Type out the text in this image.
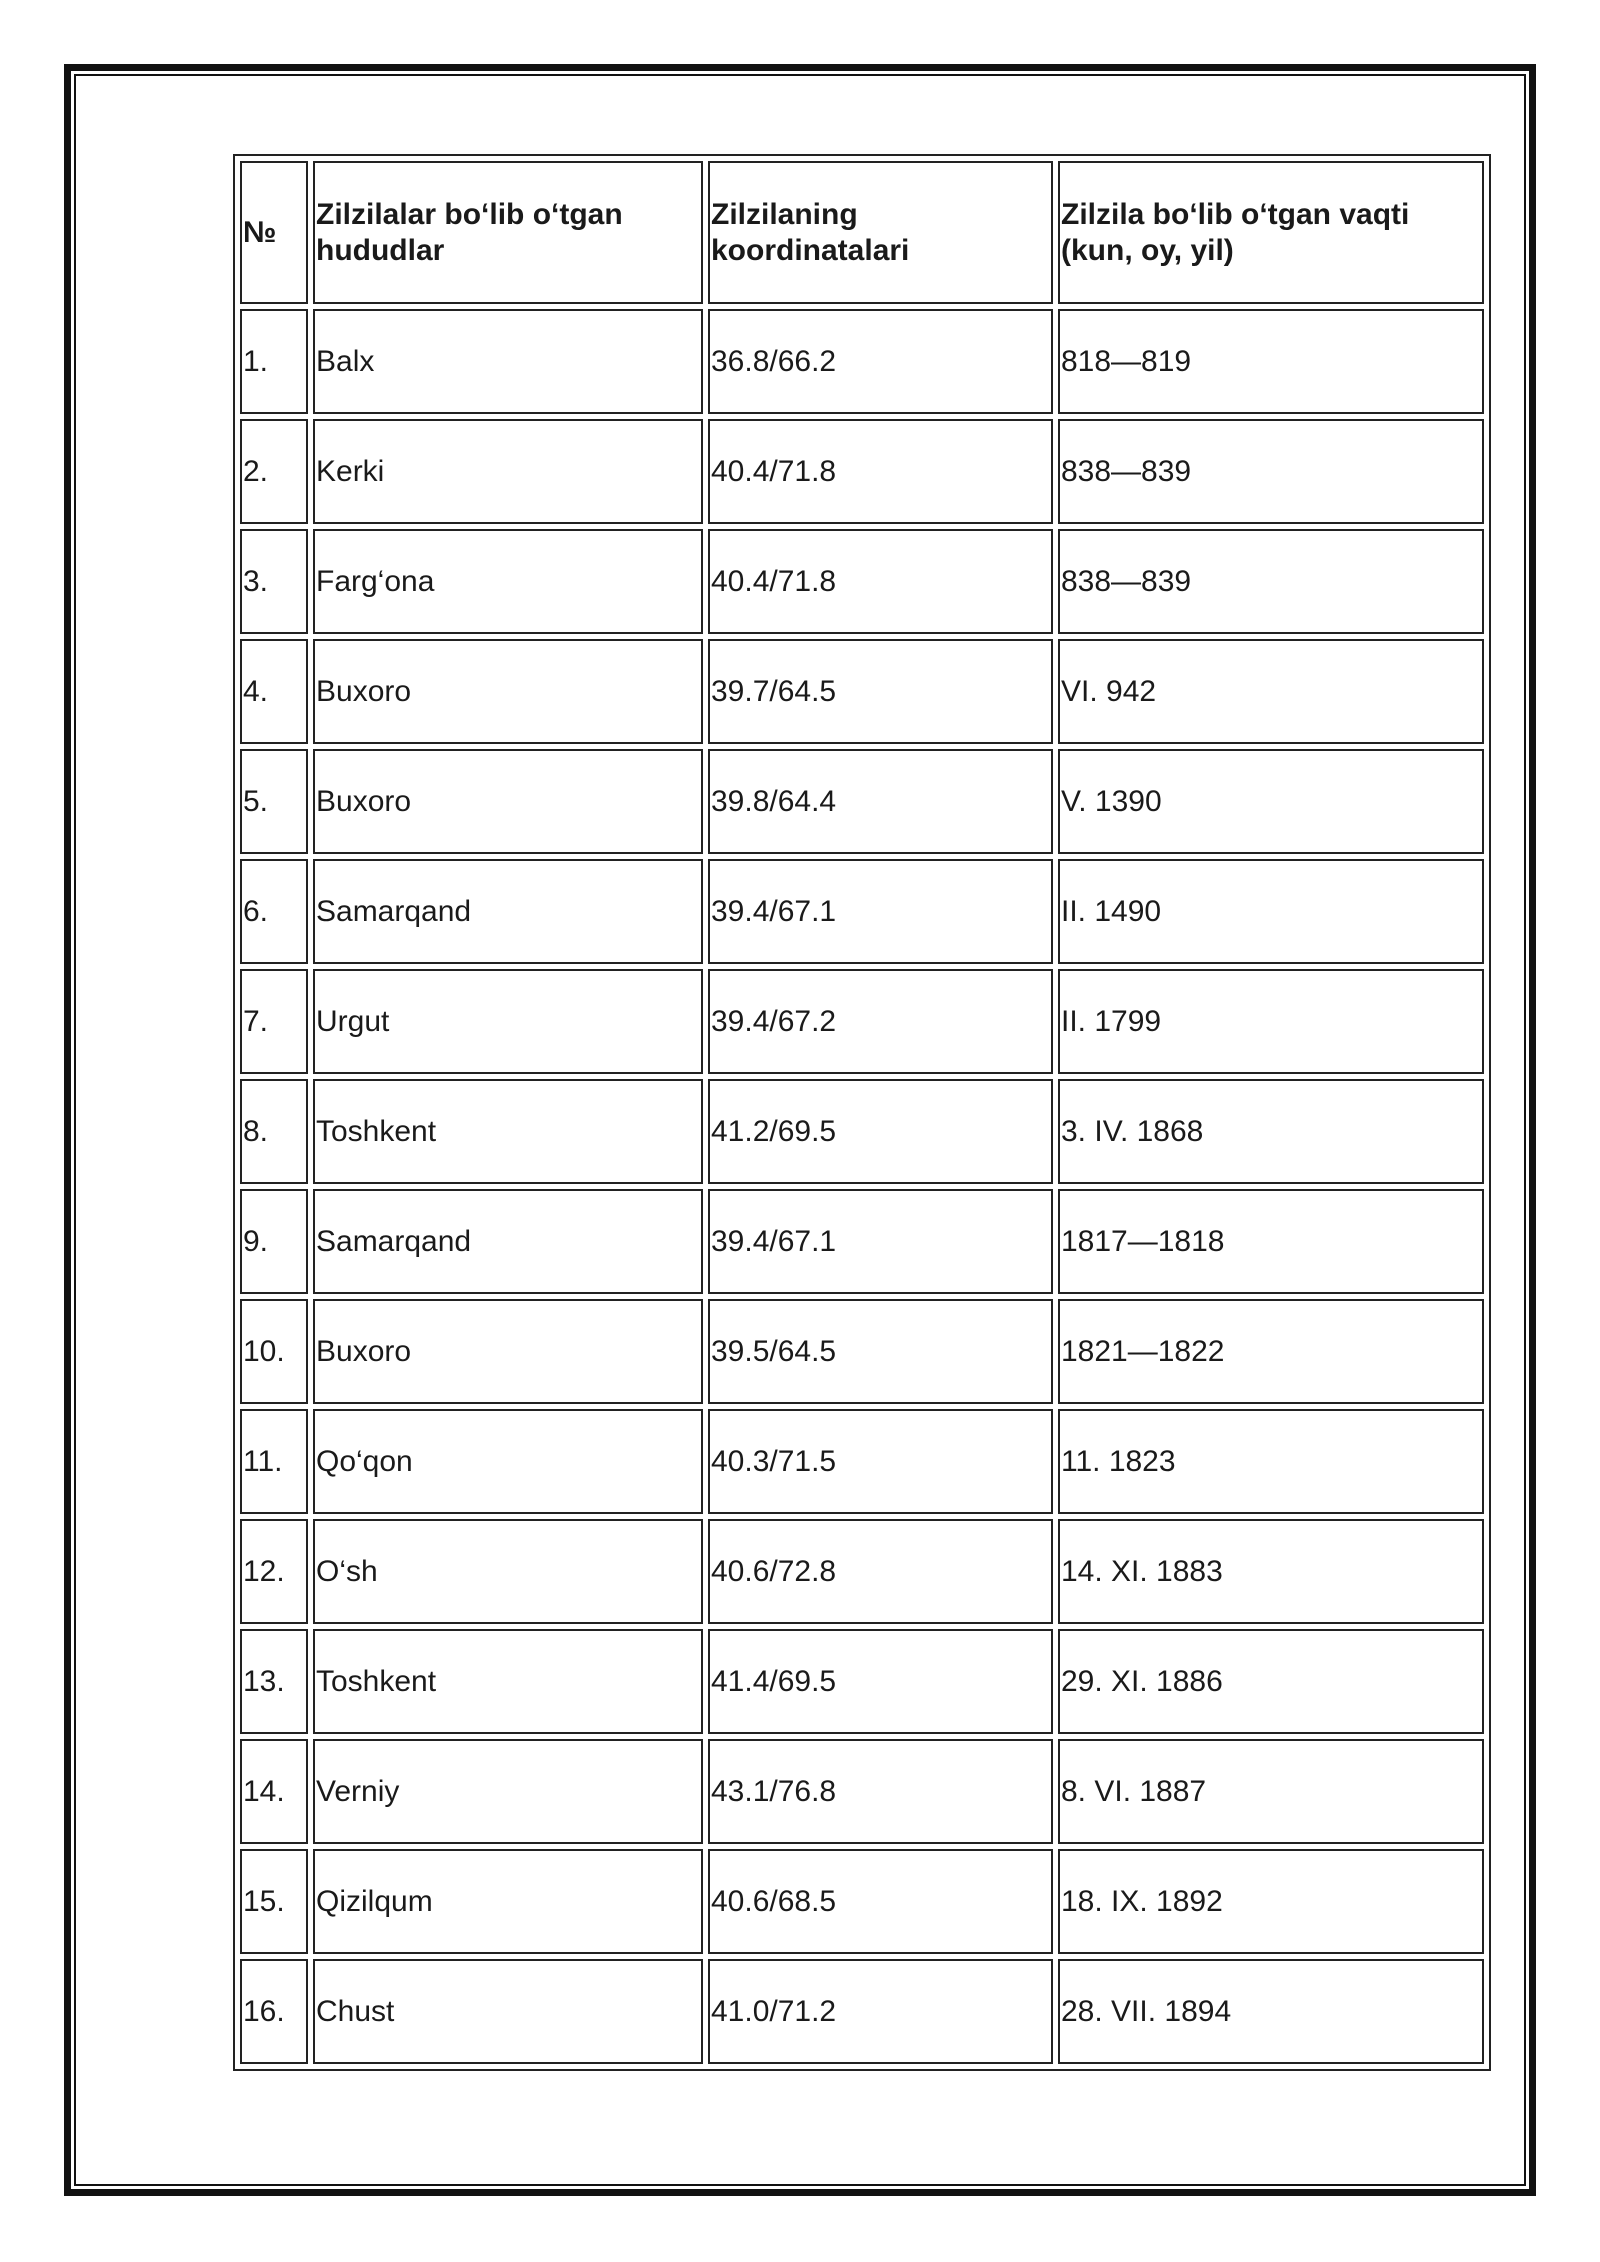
№	Zilzilalar bo‘lib o‘tgan hududlar	Zilzilaning koordinatalari	Zilzila bo‘lib o‘tgan vaqti (kun, oy, yil)
1.	Balx	36.8/66.2	818—819
2.	Kerki	40.4/71.8	838—839
3.	Farg‘ona	40.4/71.8	838—839
4.	Buxoro	39.7/64.5	VI. 942
5.	Buxoro	39.8/64.4	V. 1390
6.	Samarqand	39.4/67.1	II. 1490
7.	Urgut	39.4/67.2	II. 1799
8.	Toshkent	41.2/69.5	3. IV. 1868
9.	Samarqand	39.4/67.1	1817—1818
10.	Buxoro	39.5/64.5	1821—1822
11.	Qo‘qon	40.3/71.5	11. 1823
12.	O‘sh	40.6/72.8	14. XI. 1883
13.	Toshkent	41.4/69.5	29. XI. 1886
14.	Verniy	43.1/76.8	8. VI. 1887
15.	Qizilqum	40.6/68.5	18. IX. 1892
16.	Chust	41.0/71.2	28. VII. 1894
